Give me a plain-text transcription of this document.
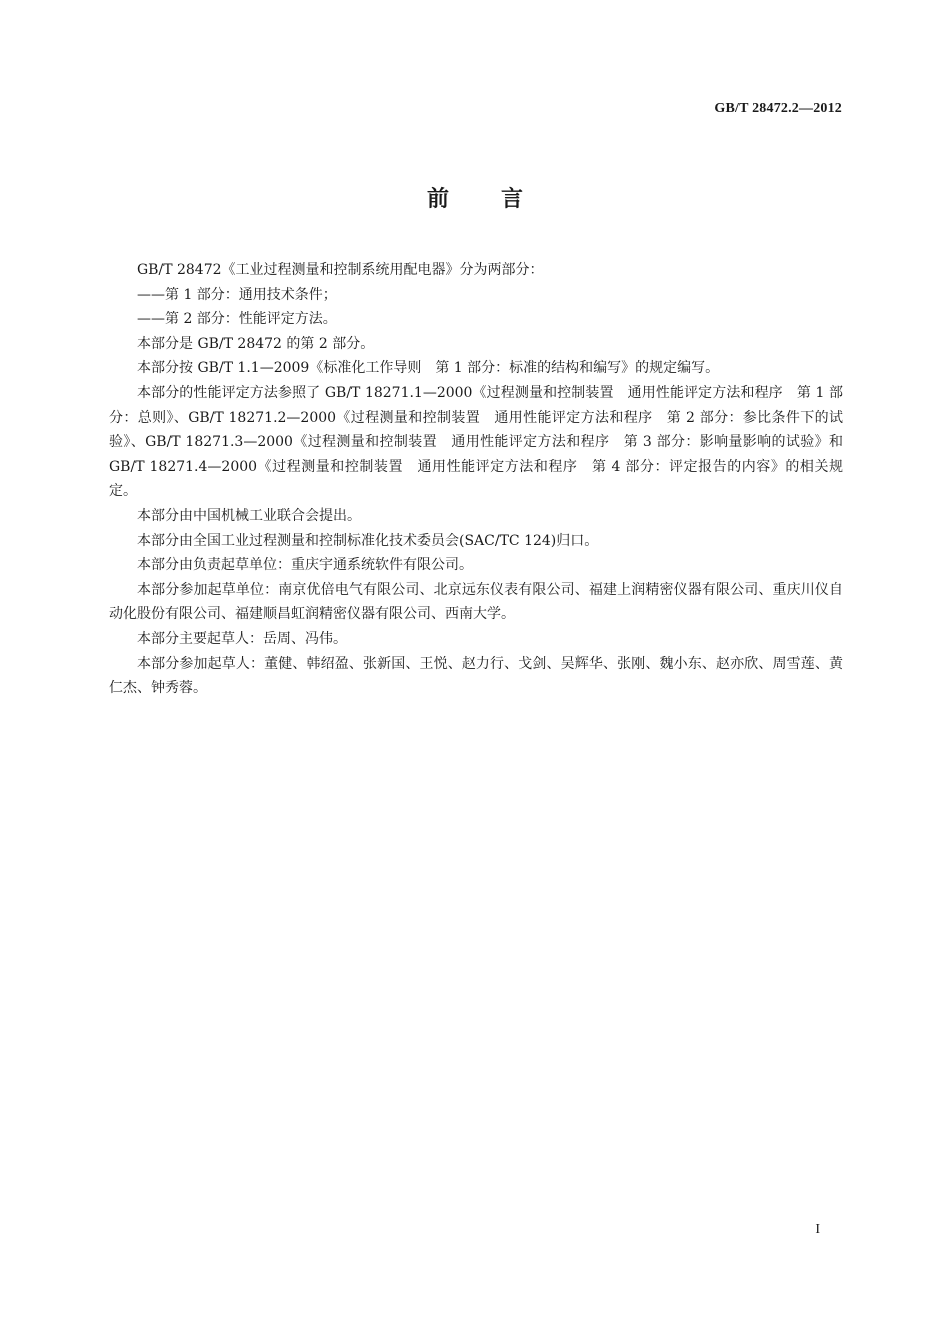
GB/T 28472.2—2012
前言

GB/T 28472《工业过程测量和控制系统用配电器》分为两部分：

——第 1 部分：通用技术条件；

——第 2 部分：性能评定方法。

本部分是 GB/T 28472 的第 2 部分。

本部分按 GB/T 1.1—2009《标准化工作导则　第 1 部分：标准的结构和编写》的规定编写。

本部分的性能评定方法参照了 GB/T 18271.1—2000《过程测量和控制装置　通用性能评定方法和程序　第 1 部分：总则》、GB/T 18271.2—2000《过程测量和控制装置　通用性能评定方法和程序　第 2 部分：参比条件下的试验》、GB/T 18271.3—2000《过程测量和控制装置　通用性能评定方法和程序　第 3 部分：影响量影响的试验》和 GB/T 18271.4—2000《过程测量和控制装置　通用性能评定方法和程序　第 4 部分：评定报告的内容》的相关规定。

本部分由中国机械工业联合会提出。

本部分由全国工业过程测量和控制标准化技术委员会(SAC/TC 124)归口。

本部分由负责起草单位：重庆宇通系统软件有限公司。

本部分参加起草单位：南京优倍电气有限公司、北京远东仪表有限公司、福建上润精密仪器有限公司、重庆川仪自动化股份有限公司、福建顺昌虹润精密仪器有限公司、西南大学。

本部分主要起草人：岳周、冯伟。

本部分参加起草人：董健、韩绍盈、张新国、王悦、赵力行、戈剑、吴辉华、张刚、魏小东、赵亦欣、周雪莲、黄仁杰、钟秀蓉。

I
